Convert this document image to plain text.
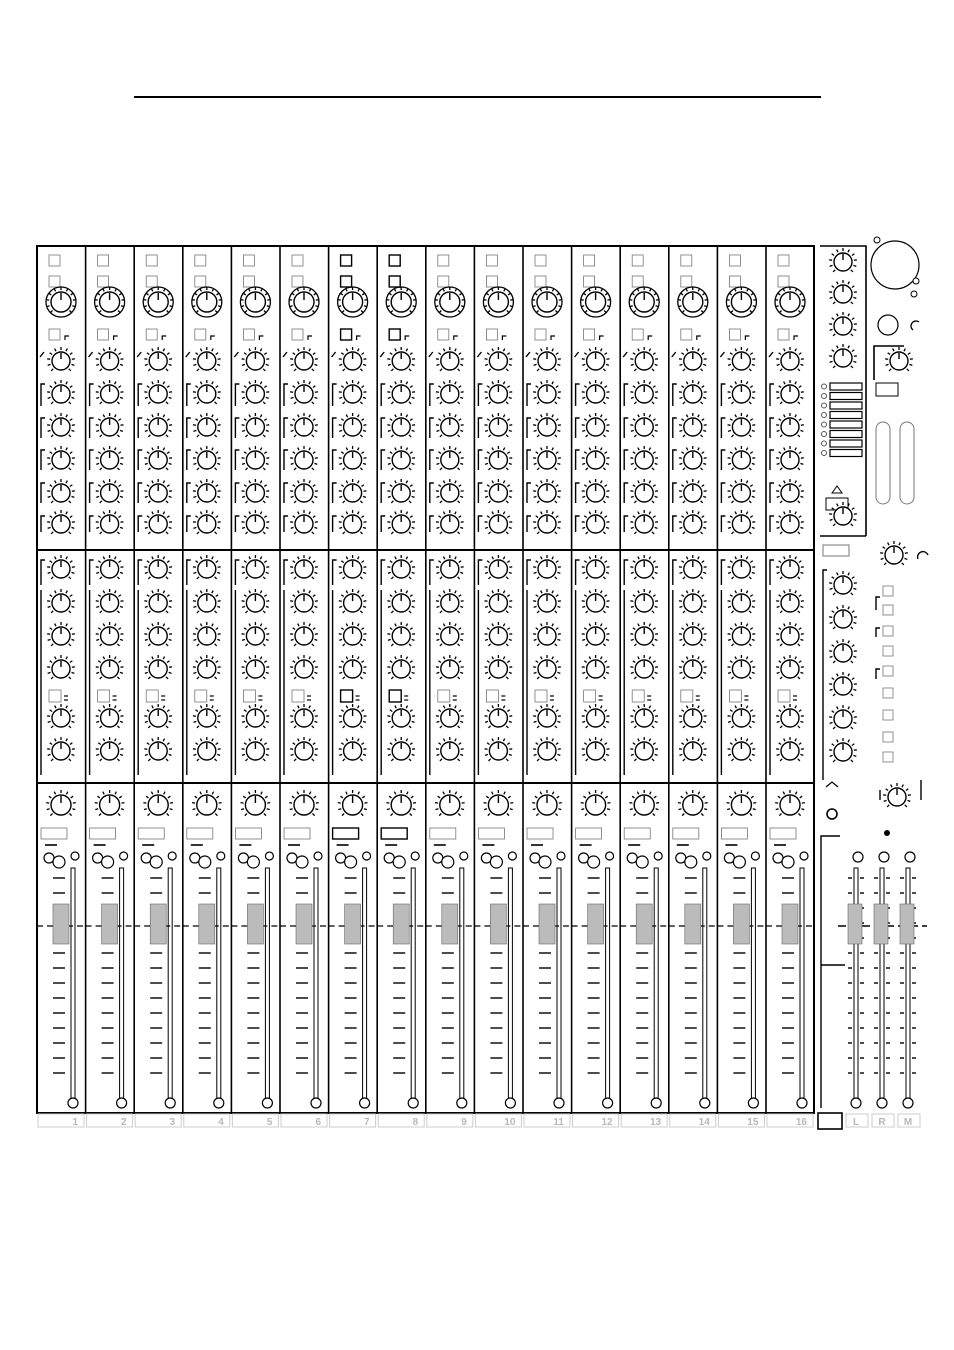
1	2	3	4	5	6	7	8	9	10	11	12	13	14	15	16	L R M
